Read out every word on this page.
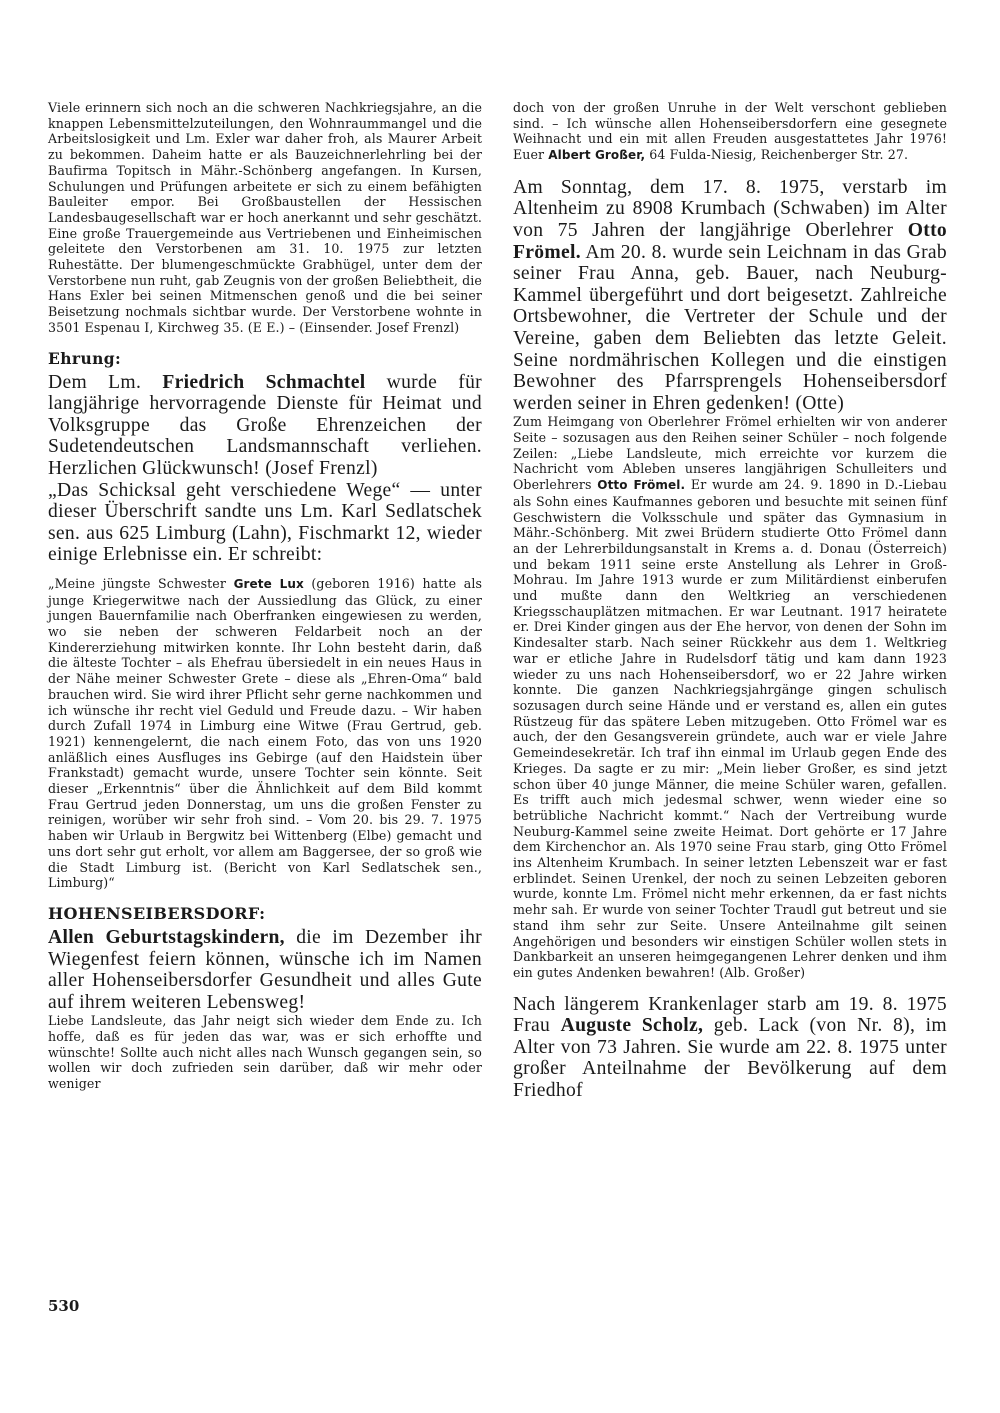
Viele erinnern sich noch an die schweren Nachkriegsjahre, an die knappen Lebensmittelzuteilungen, den Wohnraummangel und die Arbeitslosigkeit und Lm. Exler war daher froh, als Maurer Arbeit zu bekommen. Daheim hatte er als Bauzeichnerlehrling bei der Baufirma Topitsch in Mähr.-Schönberg angefangen. In Kursen, Schulungen und Prüfungen arbeitete er sich zu einem befähigten Bauleiter empor. Bei Großbaustellen der Hessischen Landesbaugesellschaft war er hoch anerkannt und sehr geschätzt. Eine große Trauergemeinde aus Vertriebenen und Einheimischen geleitete den Verstorbenen am 31. 10. 1975 zur letzten Ruhestätte. Der blumengeschmückte Grabhügel, unter dem der Verstorbene nun ruht, gab Zeugnis von der großen Beliebtheit, die Hans Exler bei seinen Mitmenschen genoß und die bei seiner Beisetzung nochmals sichtbar wurde. Der Verstorbene wohnte in 3501 Espenau I, Kirchweg 35. (E E.) – (Einsender. Josef Frenzl)

Ehrung:

Dem Lm. Friedrich Schmachtel wurde für langjährige hervorragende Dienste für Heimat und Volksgruppe das Große Ehrenzeichen der Sudetendeutschen Landsmannschaft verliehen. Herzlichen Glückwunsch! (Josef Frenzl)

„Das Schicksal geht verschiedene Wege“ — unter dieser Überschrift sandte uns Lm. Karl Sedlatschek sen. aus 625 Limburg (Lahn), Fischmarkt 12, wieder einige Erlebnisse ein. Er schreibt:

„Meine jüngste Schwester Grete Lux (geboren 1916) hatte als junge Kriegerwitwe nach der Aussiedlung das Glück, zu einer jungen Bauernfamilie nach Oberfranken eingewiesen zu werden, wo sie neben der schweren Feldarbeit noch an der Kindererziehung mitwirken konnte. Ihr Lohn besteht darin, daß die älteste Tochter – als Ehefrau übersiedelt in ein neues Haus in der Nähe meiner Schwester Grete – diese als „Ehren-Oma“ bald brauchen wird. Sie wird ihrer Pflicht sehr gerne nachkommen und ich wünsche ihr recht viel Geduld und Freude dazu. – Wir haben durch Zufall 1974 in Limburg eine Witwe (Frau Gertrud, geb. 1921) kennengelernt, die nach einem Foto, das von uns 1920 anläßlich eines Ausfluges ins Gebirge (auf den Haidstein über Frankstadt) gemacht wurde, unsere Tochter sein könnte. Seit dieser „Erkenntnis“ über die Ähnlichkeit auf dem Bild kommt Frau Gertrud jeden Donnerstag, um uns die großen Fenster zu reinigen, worüber wir sehr froh sind. – Vom 20. bis 29. 7. 1975 haben wir Urlaub in Bergwitz bei Wittenberg (Elbe) gemacht und uns dort sehr gut erholt, vor allem am Baggersee, der so groß wie die Stadt Limburg ist. (Bericht von Karl Sedlatschek sen., Limburg)“

HOHENSEIBERSDORF:

Allen Geburtstagskindern, die im Dezember ihr Wiegenfest feiern können, wünsche ich im Namen aller Hohenseibersdorfer Gesundheit und alles Gute auf ihrem weiteren Lebensweg!

Liebe Landsleute, das Jahr neigt sich wieder dem Ende zu. Ich hoffe, daß es für jeden das war, was er sich erhoffte und wünschte! Sollte auch nicht alles nach Wunsch gegangen sein, so wollen wir doch zufrieden sein darüber, daß wir mehr oder weniger

doch von der großen Unruhe in der Welt verschont geblieben sind. – Ich wünsche allen Hohenseibersdorfern eine gesegnete Weihnacht und ein mit allen Freuden ausgestattetes Jahr 1976! Euer Albert Großer, 64 Fulda-Niesig, Reichenberger Str. 27.

Am Sonntag, dem 17. 8. 1975, verstarb im Altenheim zu 8908 Krumbach (Schwaben) im Alter von 75 Jahren der langjährige Oberlehrer Otto Frömel. Am 20. 8. wurde sein Leichnam in das Grab seiner Frau Anna, geb. Bauer, nach Neuburg-Kammel übergeführt und dort beigesetzt. Zahlreiche Ortsbewohner, die Vertreter der Schule und der Vereine, gaben dem Beliebten das letzte Geleit. Seine nordmährischen Kollegen und die einstigen Bewohner des Pfarrsprengels Hohenseibersdorf werden seiner in Ehren gedenken! (Otte)

Zum Heimgang von Oberlehrer Frömel erhielten wir von anderer Seite – sozusagen aus den Reihen seiner Schüler – noch folgende Zeilen: „Liebe Landsleute, mich erreichte vor kurzem die Nachricht vom Ableben unseres langjährigen Schulleiters und Oberlehrers Otto Frömel. Er wurde am 24. 9. 1890 in D.-Liebau als Sohn eines Kaufmannes geboren und besuchte mit seinen fünf Geschwistern die Volksschule und später das Gymnasium in Mähr.-Schönberg. Mit zwei Brüdern studierte Otto Frömel dann an der Lehrerbildungsanstalt in Krems a. d. Donau (Österreich) und bekam 1911 seine erste Anstellung als Lehrer in Groß-Mohrau. Im Jahre 1913 wurde er zum Militärdienst einberufen und mußte dann den Weltkrieg an verschiedenen Kriegsschauplätzen mitmachen. Er war Leutnant. 1917 heiratete er. Drei Kinder gingen aus der Ehe hervor, von denen der Sohn im Kindesalter starb. Nach seiner Rückkehr aus dem 1. Weltkrieg war er etliche Jahre in Rudelsdorf tätig und kam dann 1923 wieder zu uns nach Hohenseibersdorf, wo er 22 Jahre wirken konnte. Die ganzen Nachkriegsjahrgänge gingen schulisch sozusagen durch seine Hände und er verstand es, allen ein gutes Rüstzeug für das spätere Leben mitzugeben. Otto Frömel war es auch, der den Gesangsverein gründete, auch war er viele Jahre Gemeindesekretär. Ich traf ihn einmal im Urlaub gegen Ende des Krieges. Da sagte er zu mir: „Mein lieber Großer, es sind jetzt schon über 40 junge Männer, die meine Schüler waren, gefallen. Es trifft auch mich jedesmal schwer, wenn wieder eine so betrübliche Nachricht kommt.“ Nach der Vertreibung wurde Neuburg-Kammel seine zweite Heimat. Dort gehörte er 17 Jahre dem Kirchenchor an. Als 1970 seine Frau starb, ging Otto Frömel ins Altenheim Krumbach. In seiner letzten Lebenszeit war er fast erblindet. Seinen Urenkel, der noch zu seinen Lebzeiten geboren wurde, konnte Lm. Frömel nicht mehr erkennen, da er fast nichts mehr sah. Er wurde von seiner Tochter Traudl gut betreut und sie stand ihm sehr zur Seite. Unsere Anteilnahme gilt seinen Angehörigen und besonders wir einstigen Schüler wollen stets in Dankbarkeit an unseren heimgegangenen Lehrer denken und ihm ein gutes Andenken bewahren! (Alb. Großer)

Nach längerem Krankenlager starb am 19. 8. 1975 Frau Auguste Scholz, geb. Lack (von Nr. 8), im Alter von 73 Jahren. Sie wurde am 22. 8. 1975 unter großer Anteilnahme der Bevölkerung auf dem Friedhof

530
